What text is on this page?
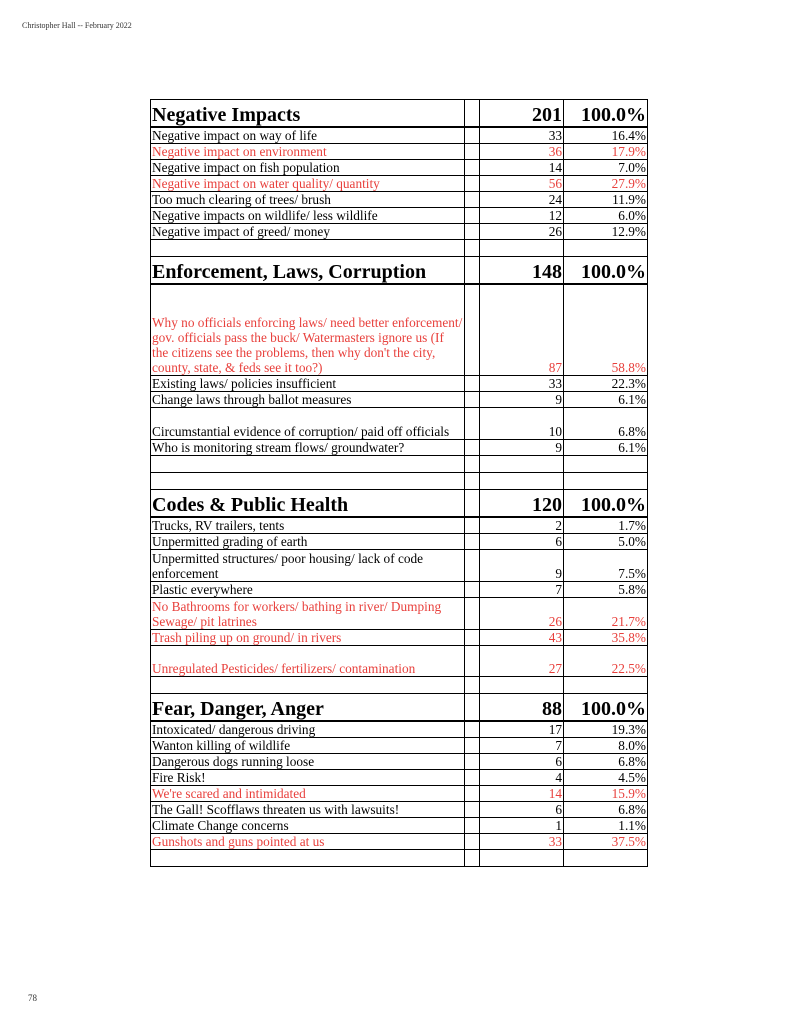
Christopher Hall -- February 2022
Negative Impacts		201	100.0%
Negative impact on way of life		33	16.4%
Negative impact on environment		36	17.9%
Negative impact on fish population		14	7.0%
Negative impact on water quality/ quantity		56	27.9%
Too much clearing of trees/ brush		24	11.9%
Negative impacts on wildlife/ less wildlife		12	6.0%
Negative impact of greed/ money		26	12.9%

Enforcement, Laws, Corruption		148	100.0%
Why no officials enforcing laws/ need better enforcement/ gov. officials pass the buck/ Watermasters ignore us (If the citizens see the problems, then why don't the city, county, state, & feds see it too?)		87	58.8%
Existing laws/ policies insufficient		33	22.3%
Change laws through ballot measures		9	6.1%
Circumstantial evidence of corruption/ paid off officials		10	6.8%
Who is monitoring stream flows/ groundwater?		9	6.1%

Codes & Public Health		120	100.0%
Trucks, RV trailers, tents		2	1.7%
Unpermitted grading of earth		6	5.0%
Unpermitted structures/ poor housing/ lack of code enforcement		9	7.5%
Plastic everywhere		7	5.8%
No Bathrooms for workers/ bathing in river/ Dumping Sewage/ pit latrines		26	21.7%
Trash piling up on ground/ in rivers		43	35.8%
Unregulated Pesticides/ fertilizers/ contamination		27	22.5%

Fear, Danger, Anger		88	100.0%
Intoxicated/ dangerous driving		17	19.3%
Wanton killing of wildlife		7	8.0%
Dangerous dogs running loose		6	6.8%
Fire Risk!		4	4.5%
We're scared and intimidated		14	15.9%
The Gall! Scofflaws threaten us with lawsuits!		6	6.8%
Climate Change concerns		1	1.1%
Gunshots and guns pointed at us		33	37.5%

78
